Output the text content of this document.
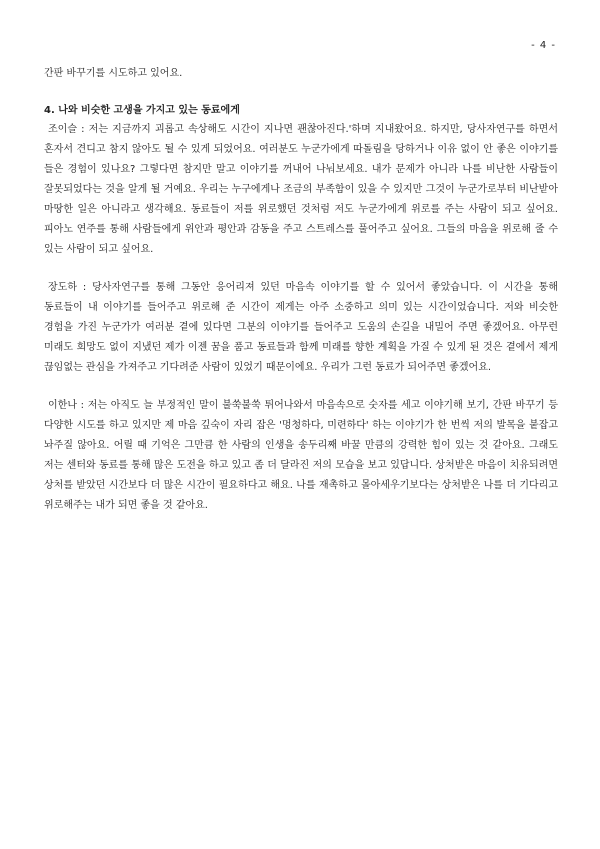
- 4 -

간판 바꾸기를 시도하고 있어요.

4. 나와 비슷한 고생을 가지고 있는 동료에게

조이슬 : 저는 지금까지 괴롭고 속상해도 시간이 지나면 괜찮아진다.'하며 지내왔어요. 하지만, 당사자연구를 하면서 혼자서 견디고 참지 않아도 될 수 있게 되었어요. 여러분도 누군가에게 따돌림을 당하거나 이유 없이 안 좋은 이야기를 들은 경험이 있나요? 그렇다면 참지만 말고 이야기를 꺼내어 나눠보세요. 내가 문제가 아니라 나를 비난한 사람들이 잘못되었다는 것을 알게 될 거예요. 우리는 누구에게나 조금의 부족함이 있을 수 있지만 그것이 누군가로부터 비난받아 마땅한 일은 아니라고 생각해요. 동료들이 저를 위로했던 것처럼 저도 누군가에게 위로를 주는 사람이 되고 싶어요. 피아노 연주를 통해 사람들에게 위안과 평안과 감동을 주고 스트레스를 풀어주고 싶어요. 그들의 마음을 위로해 줄 수 있는 사람이 되고 싶어요.

장도하 : 당사자연구를 통해 그동안 응어리져 있던 마음속 이야기를 할 수 있어서 좋았습니다. 이 시간을 통해 동료들이 내 이야기를 들어주고 위로해 준 시간이 제게는 아주 소중하고 의미 있는 시간이었습니다. 저와 비슷한 경험을 가진 누군가가 여러분 곁에 있다면 그분의 이야기를 들어주고 도움의 손길을 내밀어 주면 좋겠어요. 아무런 미래도 희망도 없이 지냈던 제가 이젠 꿈을 품고 동료들과 함께 미래를 향한 계획을 가질 수 있게 된 것은 곁에서 제게 끊임없는 관심을 가져주고 기다려준 사람이 있었기 때문이에요. 우리가 그런 동료가 되어주면 좋겠어요.

이한나 : 저는 아직도 늘 부정적인 말이 불쑥불쑥 튀어나와서 마음속으로 숫자를 세고 이야기해 보기, 간판 바꾸기 등 다양한 시도를 하고 있지만 제 마음 깊숙이 자리 잡은 '멍청하다, 미련하다' 하는 이야기가 한 번씩 저의 발목을 붙잡고 놔주질 않아요. 어릴 때 기억은 그만큼 한 사람의 인생을 송두리째 바꿀 만큼의 강력한 힘이 있는 것 같아요. 그래도 저는 센터와 동료를 통해 많은 도전을 하고 있고 좀 더 달라진 저의 모습을 보고 있답니다. 상처받은 마음이 치유되려면 상처를 받았던 시간보다 더 많은 시간이 필요하다고 해요. 나를 재촉하고 몰아세우기보다는 상처받은 나를 더 기다리고 위로해주는 내가 되면 좋을 것 같아요.
